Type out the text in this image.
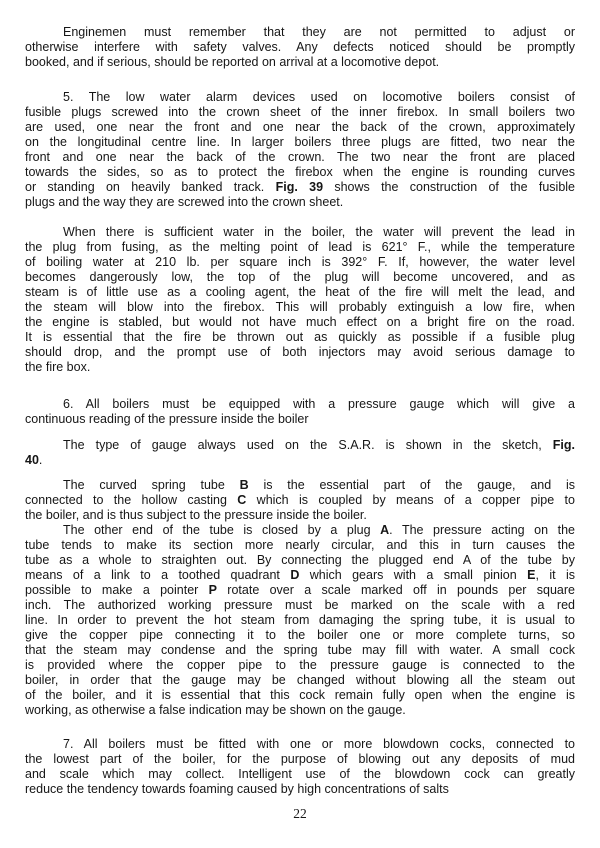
Enginemen must remember that they are not permitted to adjust or
otherwise interfere with safety valves. Any defects noticed should be promptly
booked, and if serious, should be reported on arrival at a locomotive depot.
5. The low water alarm devices used on locomotive boilers consist of
fusible plugs screwed into the crown sheet of the inner firebox. In small boilers two
are used, one near the front and one near the back of the crown, approximately
on the longitudinal centre line. In larger boilers three plugs are fitted, two near the
front and one near the back of the crown. The two near the front are placed
towards the sides, so as to protect the firebox when the engine is rounding curves
or standing on heavily banked track. Fig. 39 shows the construction of the fusible
plugs and the way they are screwed into the crown sheet.
When there is sufficient water in the boiler, the water will prevent the lead in
the plug from fusing, as the melting point of lead is 621° F., while the temperature
of boiling water at 210 lb. per square inch is 392° F. If, however, the water level
becomes dangerously low, the top of the plug will become uncovered, and as
steam is of little use as a cooling agent, the heat of the fire will melt the lead, and
the steam will blow into the firebox. This will probably extinguish a low fire, when
the engine is stabled, but would not have much effect on a bright fire on the road.
It is essential that the fire be thrown out as quickly as possible if a fusible plug
should drop, and the prompt use of both injectors may avoid serious damage to
the fire box.
6. All boilers must be equipped with a pressure gauge which will give a
continuous reading of the pressure inside the boiler
The type of gauge always used on the S.A.R. is shown in the sketch, Fig.
40.
The curved spring tube B is the essential part of the gauge, and is
connected to the hollow casting C which is coupled by means of a copper pipe to
the boiler, and is thus subject to the pressure inside the boiler.
The other end of the tube is closed by a plug A. The pressure acting on the
tube tends to make its section more nearly circular, and this in turn causes the
tube as a whole to straighten out. By connecting the plugged end A of the tube by
means of a link to a toothed quadrant D which gears with a small pinion E, it is
possible to make a pointer P rotate over a scale marked off in pounds per square
inch. The authorized working pressure must be marked on the scale with a red
line. In order to prevent the hot steam from damaging the spring tube, it is usual to
give the copper pipe connecting it to the boiler one or more complete turns, so
that the steam may condense and the spring tube may fill with water. A small cock
is provided where the copper pipe to the pressure gauge is connected to the
boiler, in order that the gauge may be changed without blowing all the steam out
of the boiler, and it is essential that this cock remain fully open when the engine is
working, as otherwise a false indication may be shown on the gauge.
7. All boilers must be fitted with one or more blowdown cocks, connected to
the lowest part of the boiler, for the purpose of blowing out any deposits of mud
and scale which may collect. Intelligent use of the blowdown cock can greatly
reduce the tendency towards foaming caused by high concentrations of salts
22
